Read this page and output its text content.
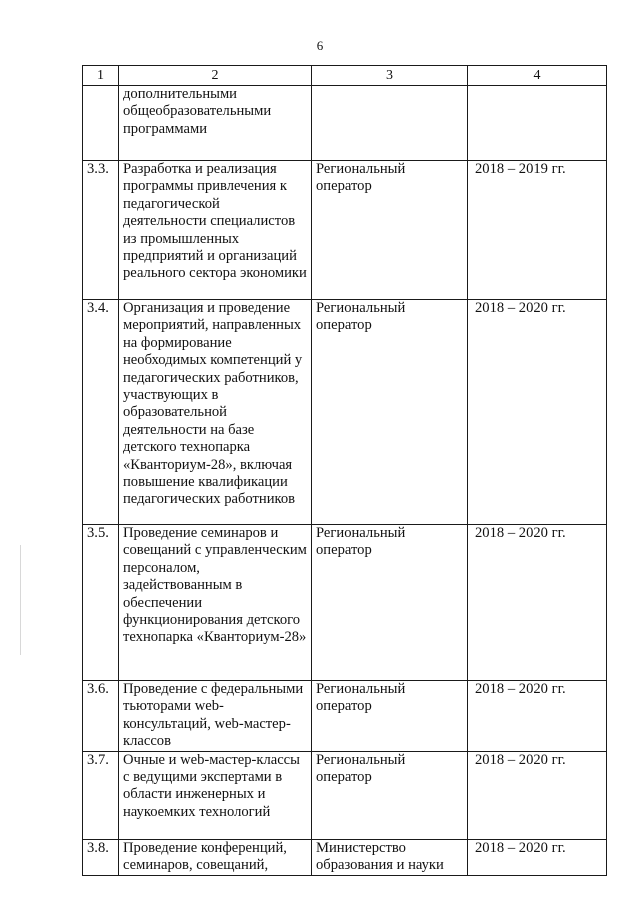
6
1	2	3	4

	дополнительными общеобразовательными программами		

3.3.	Разработка и реализация программы привлечения к педагогической деятельности специалистов из промышленных предприятий и организаций реального сектора экономики	Региональный оператор	2018 – 2019 гг.
3.4.	Организация и проведение мероприятий, направленных на формирование необходимых компетенций у педагогических работников, участвующих в образовательной деятельности на базе детского технопарка «Кванториум-28», включая повышение квалификации педагогических работников	Региональный оператор	2018 – 2020 гг.
3.5.	Проведение семинаров и совещаний с управленческим персоналом, задействованным в обеспечении функционирования детского технопарка «Кванториум-28»	Региональный оператор	2018 – 2020 гг.
3.6.	Проведение с федеральными тьюторами web-консультаций, web-мастер-классов	Региональный оператор	2018 – 2020 гг.
3.7.	Очные и web-мастер-классы с ведущими экспертами в области инженерных и наукоемких технологий	Региональный оператор	2018 – 2020 гг.
3.8.	Проведение конференций, семинаров, совещаний,	Министерство образования и науки	2018 – 2020 гг.
